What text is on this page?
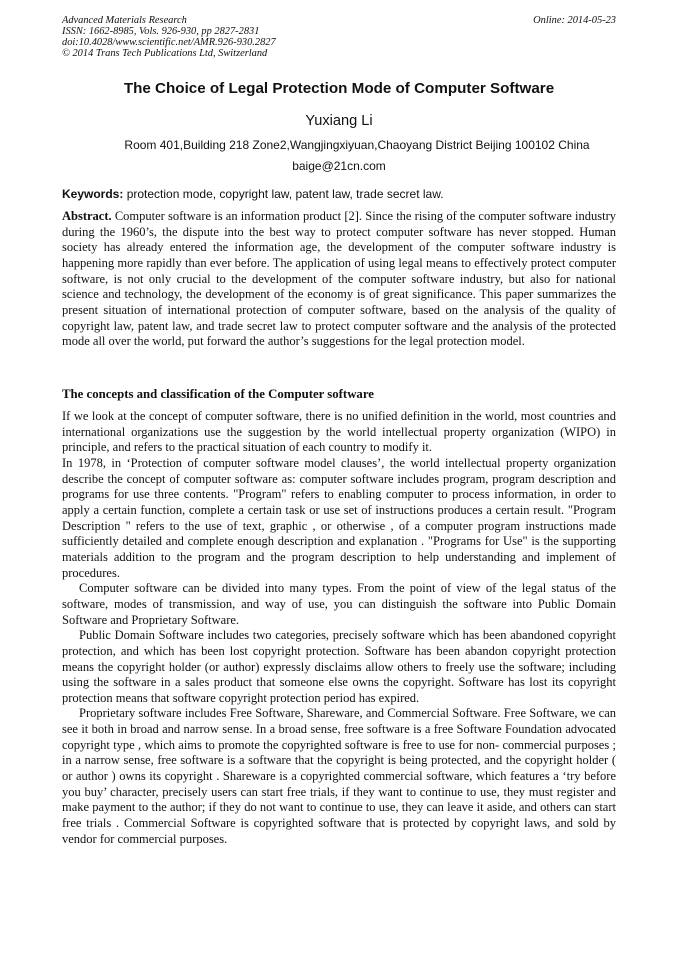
Advanced Materials Research
ISSN: 1662-8985, Vols. 926-930, pp 2827-2831
doi:10.4028/www.scientific.net/AMR.926-930.2827
© 2014 Trans Tech Publications Ltd, Switzerland
Online: 2014-05-23
The Choice of Legal Protection Mode of Computer Software
Yuxiang Li
Room 401,Building 218 Zone2,Wangjingxiyuan,Chaoyang District Beijing 100102 China
baige@21cn.com
Keywords: protection mode, copyright law, patent law, trade secret law.
Abstract. Computer software is an information product [2]. Since the rising of the computer software industry during the 1960’s, the dispute into the best way to protect computer software has never stopped. Human society has already entered the information age, the development of the computer software industry is happening more rapidly than ever before. The application of using legal means to effectively protect computer software, is not only crucial to the development of the computer software industry, but also for national science and technology, the development of the economy is of great significance. This paper summarizes the present situation of international protection of computer software, based on the analysis of the quality of copyright law, patent law, and trade secret law to protect computer software and the analysis of the protected mode all over the world, put forward the author’s suggestions for the legal protection model.
The concepts and classification of the Computer software

If we look at the concept of computer software, there is no unified definition in the world, most countries and international organizations use the suggestion by the world intellectual property organization (WIPO) in principle, and refers to the practical situation of each country to modify it.

In 1978, in ‘Protection of computer software model clauses’, the world intellectual property organization describe the concept of computer software as: computer software includes program, program description and programs for use three contents. "Program" refers to enabling computer to process information, in order to apply a certain function, complete a certain task or use set of instructions produces a certain result. "Program Description " refers to the use of text, graphic , or otherwise , of a computer program instructions made sufficiently detailed and complete enough description and explanation . "Programs for Use" is the supporting materials addition to the program and the program description to help understanding and implement of procedures.

Computer software can be divided into many types. From the point of view of the legal status of the software, modes of transmission, and way of use, you can distinguish the software into Public Domain Software and Proprietary Software.

Public Domain Software includes two categories, precisely software which has been abandoned copyright protection, and which has been lost copyright protection. Software has been abandon copyright protection means the copyright holder (or author) expressly disclaims allow others to freely use the software; including using the software in a sales product that someone else owns the copyright. Software has lost its copyright protection means that software copyright protection period has expired.

Proprietary software includes Free Software, Shareware, and Commercial Software. Free Software, we can see it both in broad and narrow sense. In a broad sense, free software is a free Software Foundation advocated copyright type , which aims to promote the copyrighted software is free to use for non- commercial purposes ; in a narrow sense, free software is a software that the copyright is being protected, and the copyright holder ( or author ) owns its copyright . Shareware is a copyrighted commercial software, which features a ‘try before you buy’ character, precisely users can start free trials, if they want to continue to use, they must register and make payment to the author; if they do not want to continue to use, they can leave it aside, and others can start free trials . Commercial Software is copyrighted software that is protected by copyright laws, and sold by vendor for commercial purposes.
